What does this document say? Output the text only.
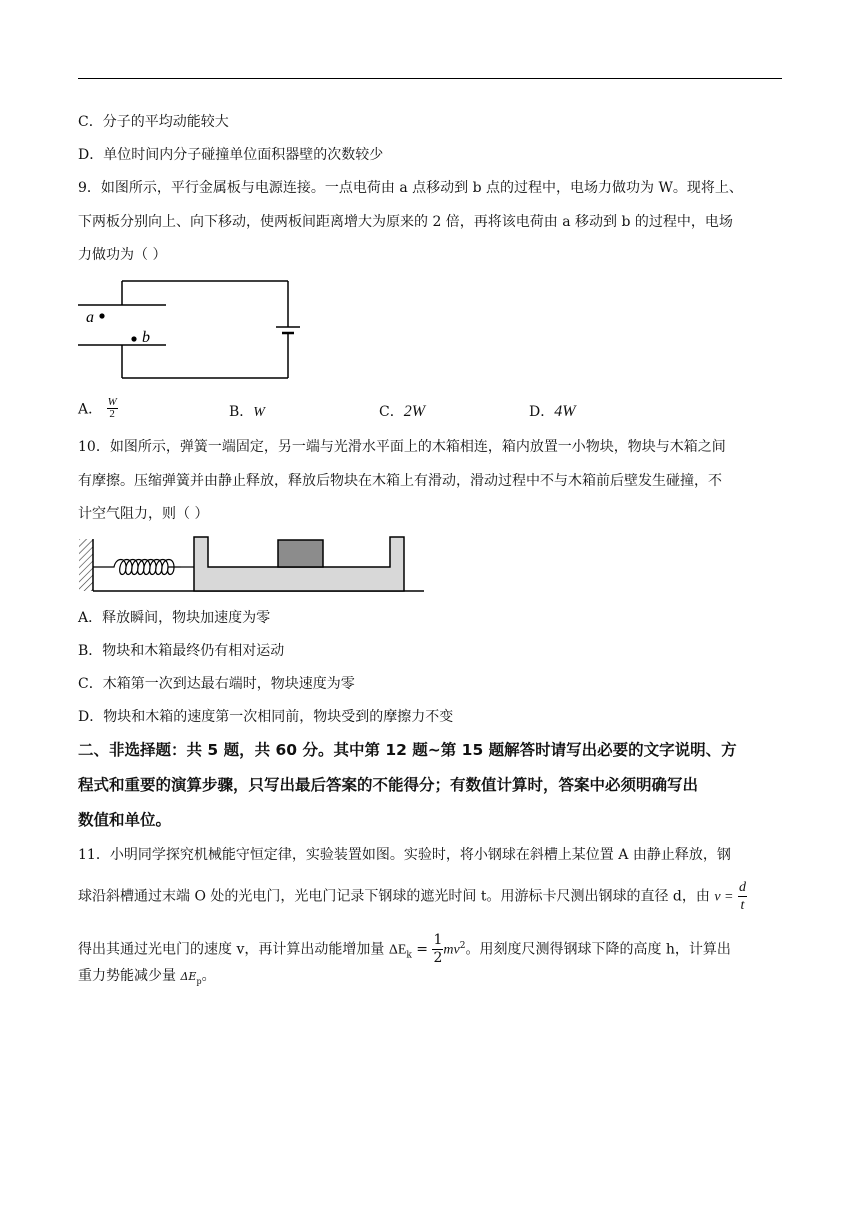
C．分子的平均动能较大
D．单位时间内分子碰撞单位面积器壁的次数较少
9．如图所示，平行金属板与电源连接。一点电荷由 a 点移动到 b 点的过程中，电场力做功为 W。现将上、
下两板分别向上、向下移动，使两板间距离增大为原来的 2 倍，再将该电荷由 a 移动到 b 的过程中，电场
力做功为（ ）
a
b
A． $\frac{W}{2}$	B．W	C．2W	D．4W
10．如图所示，弹簧一端固定，另一端与光滑水平面上的木箱相连，箱内放置一小物块，物块与木箱之间
有摩擦。压缩弹簧并由静止释放，释放后物块在木箱上有滑动，滑动过程中不与木箱前后壁发生碰撞，不
计空气阻力，则（ ）
A．释放瞬间，物块加速度为零
B．物块和木箱最终仍有相对运动
C．木箱第一次到达最右端时，物块速度为零
D．物块和木箱的速度第一次相同前，物块受到的摩擦力不变
二、非选择题：共 5 题，共 60 分。其中第 12 题~第 15 题解答时请写出必要的文字说明、方
程式和重要的演算步骤，只写出最后答案的不能得分；有数值计算时，答案中必须明确写出
数值和单位。
11．小明同学探究机械能守恒定律，实验装置如图。实验时，将小钢球在斜槽上某位置 A 由静止释放，钢
球沿斜槽通过末端 O 处的光电门，光电门记录下钢球的遮光时间 t。用游标卡尺测出钢球的直径 d，由 $v = \frac{d}{t}$
得出其通过光电门的速度 v，再计算出动能增加量 $\Delta E_k = \frac{1}{2} mv^2$。用刻度尺测得钢球下降的高度 h，计算出
重力势能减少量 $\Delta E_p$。
